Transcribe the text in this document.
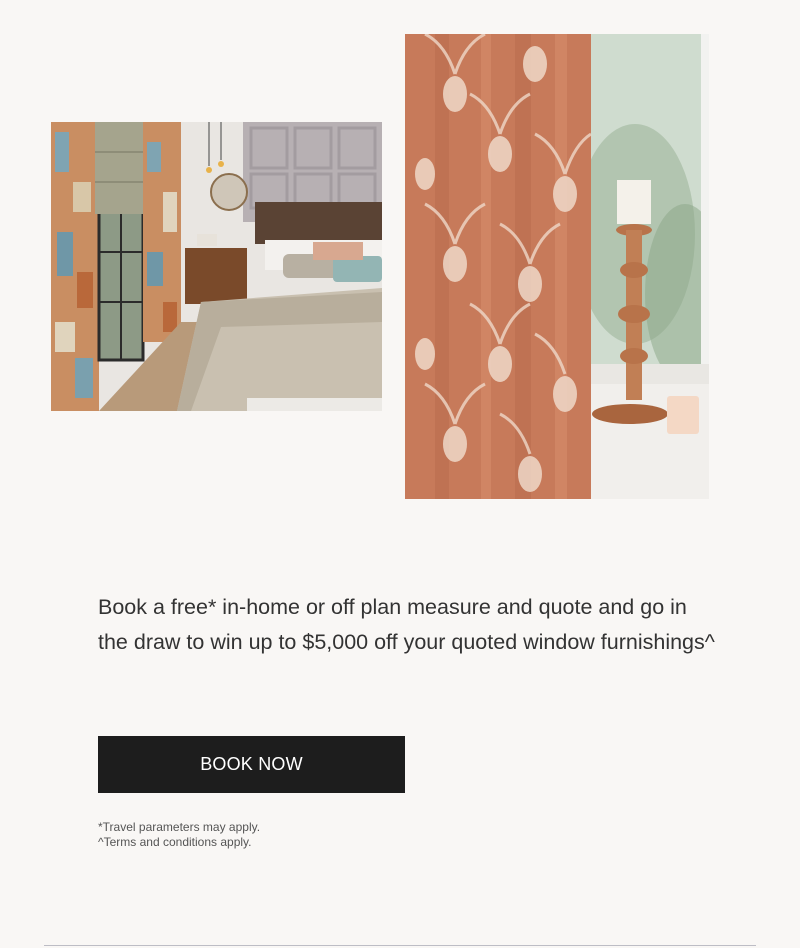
Book a free* in-home or off plan measure and quote and go in the draw to win up to $5,000 off your quoted window furnishings^

BOOK NOW
*Travel parameters may apply.
^Terms and conditions apply.
